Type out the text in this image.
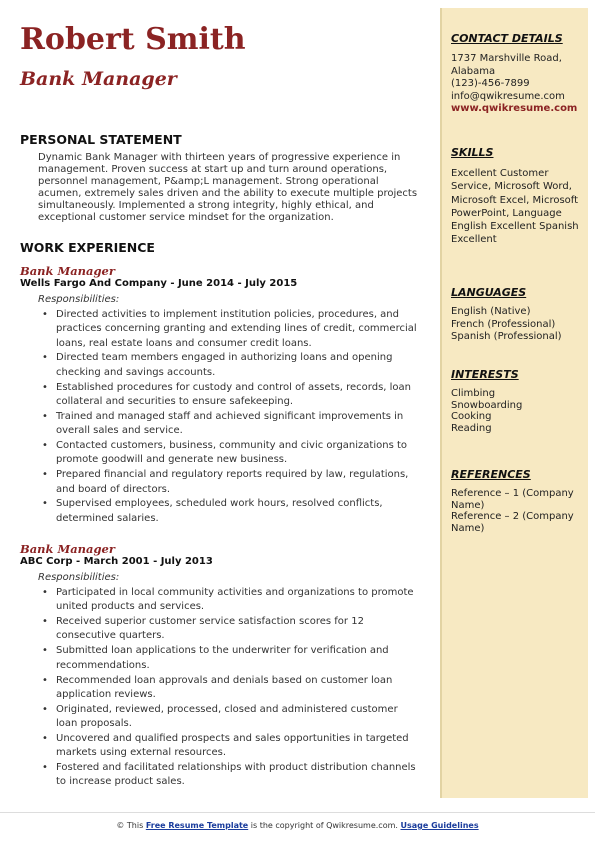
Robert Smith
Bank Manager
PERSONAL STATEMENT
Dynamic Bank Manager with thirteen years of progressive experience in management. Proven success at start up and turn around operations, personnel management, P&amp;L management. Strong operational acumen, extremely sales driven and the ability to execute multiple projects simultaneously. Implemented a strong integrity, highly ethical, and exceptional customer service mindset for the organization.
WORK EXPERIENCE
Bank Manager
Wells Fargo And Company - June 2014 - July 2015
Responsibilities:
• Directed activities to implement institution policies, procedures, and practices concerning granting and extending lines of credit, commercial loans, real estate loans and consumer credit loans.
• Directed team members engaged in authorizing loans and opening checking and savings accounts.
• Established procedures for custody and control of assets, records, loan collateral and securities to ensure safekeeping.
• Trained and managed staff and achieved significant improvements in overall sales and service.
• Contacted customers, business, community and civic organizations to promote goodwill and generate new business.
• Prepared financial and regulatory reports required by law, regulations, and board of directors.
• Supervised employees, scheduled work hours, resolved conflicts, determined salaries.
Bank Manager
ABC Corp - March 2001 - July 2013
Responsibilities:
• Participated in local community activities and organizations to promote united products and services.
• Received superior customer service satisfaction scores for 12 consecutive quarters.
• Submitted loan applications to the underwriter for verification and recommendations.
• Recommended loan approvals and denials based on customer loan application reviews.
• Originated, reviewed, processed, closed and administered customer loan proposals.
• Uncovered and qualified prospects and sales opportunities in targeted markets using external resources.
• Fostered and facilitated relationships with product distribution channels to increase product sales.
CONTACT DETAILS
1737 Marshville Road, Alabama
(123)-456-7899
info@qwikresume.com
www.qwikresume.com
SKILLS
Excellent Customer Service, Microsoft Word, Microsoft Excel, Microsoft PowerPoint, Language English Excellent Spanish Excellent
LANGUAGES
English (Native)
French (Professional)
Spanish (Professional)
INTERESTS
Climbing
Snowboarding
Cooking
Reading
REFERENCES
Reference – 1 (Company Name)
Reference – 2 (Company Name)
© This Free Resume Template is the copyright of Qwikresume.com. Usage Guidelines
